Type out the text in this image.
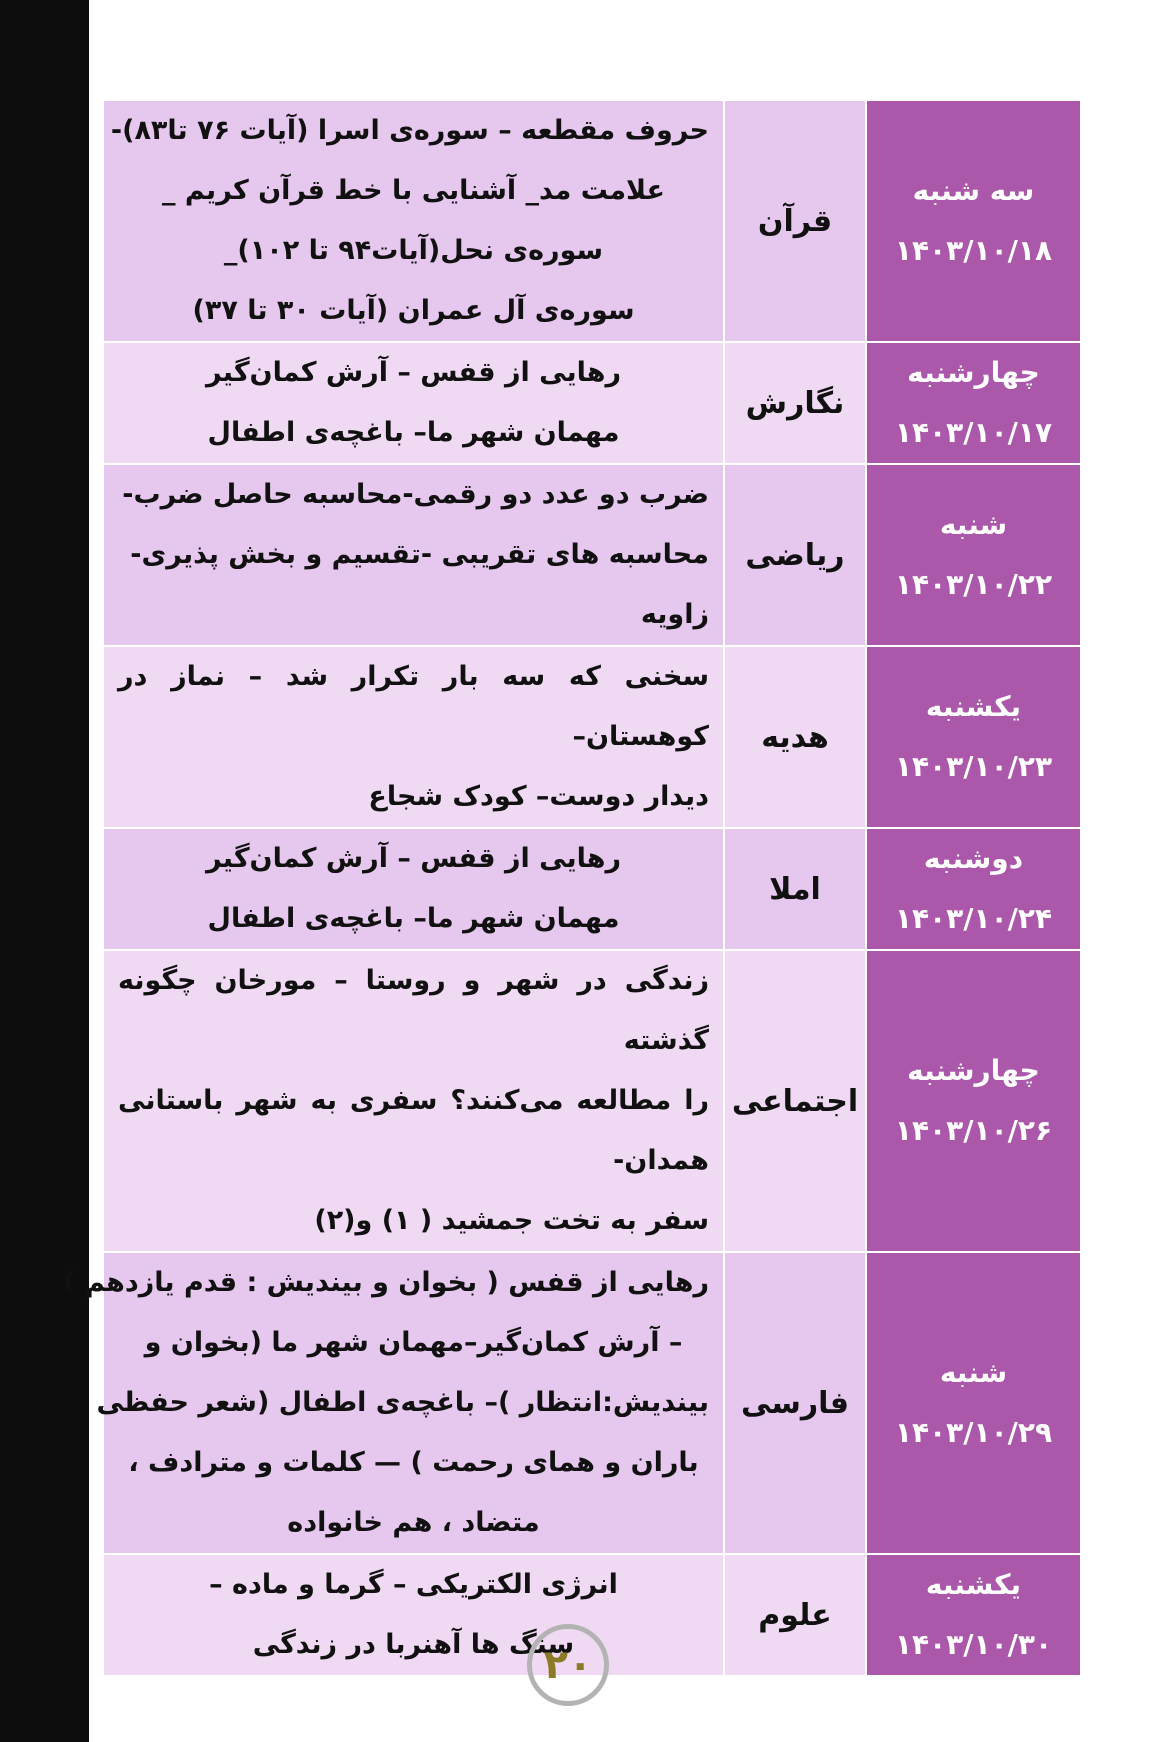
سه شنبه
۱۴۰۳/۱۰/۱۸	قرآن	حروف مقطعه – سوره‌ی اسرا (آیات ۷۶ تا۸۳)-
علامت مد_ آشنایی با خط قرآن کریم _
سوره‌ی نحل(آیات۹۴ تا ۱۰۲)_
سوره‌ی آل عمران (آیات ۳۰ تا ۳۷)

چهارشنبه
۱۴۰۳/۱۰/۱۷	نگارش	رهایی از قفس – آرش کمان‌گیر
مهمان شهر ما– باغچه‌ی اطفال

شنبه
۱۴۰۳/۱۰/۲۲	ریاضی	ضرب دو عدد دو رقمی-محاسبه حاصل ضرب-
محاسبه های تقریبی -تقسیم و بخش پذیری-
زاویه

یکشنبه
۱۴۰۳/۱۰/۲۳	هدیه	سخنی که سه بار تکرار شد – نماز در کوهستان–
دیدار دوست– کودک شجاع

دوشنبه
۱۴۰۳/۱۰/۲۴	املا	رهایی از قفس – آرش کمان‌گیر
مهمان شهر ما– باغچه‌ی اطفال

چهارشنبه
۱۴۰۳/۱۰/۲۶	اجتماعی	زندگی در شهر و روستا – مورخان چگونه گذشته
را مطالعه می‌کنند؟ سفری به شهر باستانی همدان-
سفر به تخت جمشید ( ۱) و(۲)

شنبه
۱۴۰۳/۱۰/۲۹	فارسی	رهایی از قفس ( بخوان و بیندیش : قدم یازدهم )
– آرش کمان‌گیر–مهمان شهر ما (بخوان و
بیندیش:انتظار )– باغچه‌ی اطفال (شعر حفظی
باران و همای رحمت ) — کلمات و مترادف ،
متضاد ، هم خانواده

یکشنبه
۱۴۰۳/۱۰/۳۰	علوم	انرژی الکتریکی – گرما و ماده –
سنگ ها آهنربا در زندگی
۲۰
